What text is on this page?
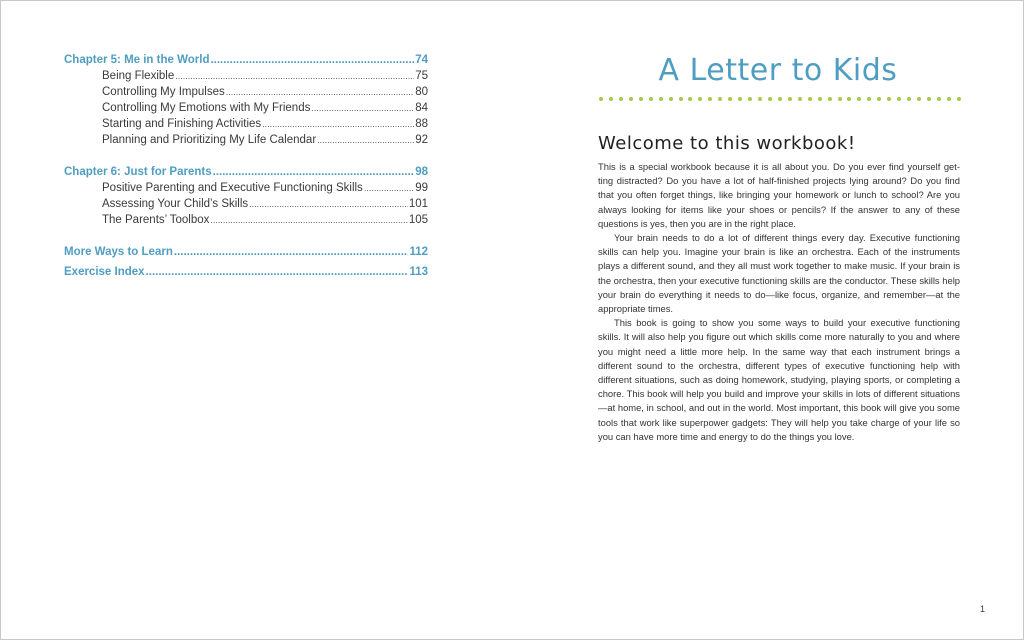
Chapter 5: Me in the World .....	74
Being Flexible .....	75
Controlling My Impulses .....	80
Controlling My Emotions with My Friends .....	84
Starting and Finishing Activities .....	88
Planning and Prioritizing My Life Calendar .....	92
Chapter 6: Just for Parents .....	98
Positive Parenting and Executive Functioning Skills .....	99
Assessing Your Child’s Skills .....	101
The Parents’ Toolbox .....	105
More Ways to Learn .....	112
Exercise Index .....	113
A Letter to Kids
Welcome to this workbook!

This is a special workbook because it is all about you. Do you ever find yourself get- ting distracted? Do you have a lot of half-finished projects lying around? Do you find that you often forget things, like bringing your homework or lunch to school? Are you always looking for items like your shoes or pencils? If the answer to any of these questions is yes, then you are in the right place.

Your brain needs to do a lot of different things every day. Executive functioning skills can help you. Imagine your brain is like an orchestra. Each of the instruments plays a different sound, and they all must work together to make music. If your brain is the orchestra, then your executive functioning skills are the conductor. These skills help your brain do everything it needs to do—like focus, organize, and remember—at the appropriate times.

This book is going to show you some ways to build your executive functioning skills. It will also help you figure out which skills come more naturally to you and where you might need a little more help. In the same way that each instrument brings a different sound to the orchestra, different types of executive functioning help with different situations, such as doing homework, studying, playing sports, or completing a chore. This book will help you build and improve your skills in lots of different situations—at home, in school, and out in the world. Most important, this book will give you some tools that work like superpower gadgets: They will help you take charge of your life so you can have more time and energy to do the things you love.

1
